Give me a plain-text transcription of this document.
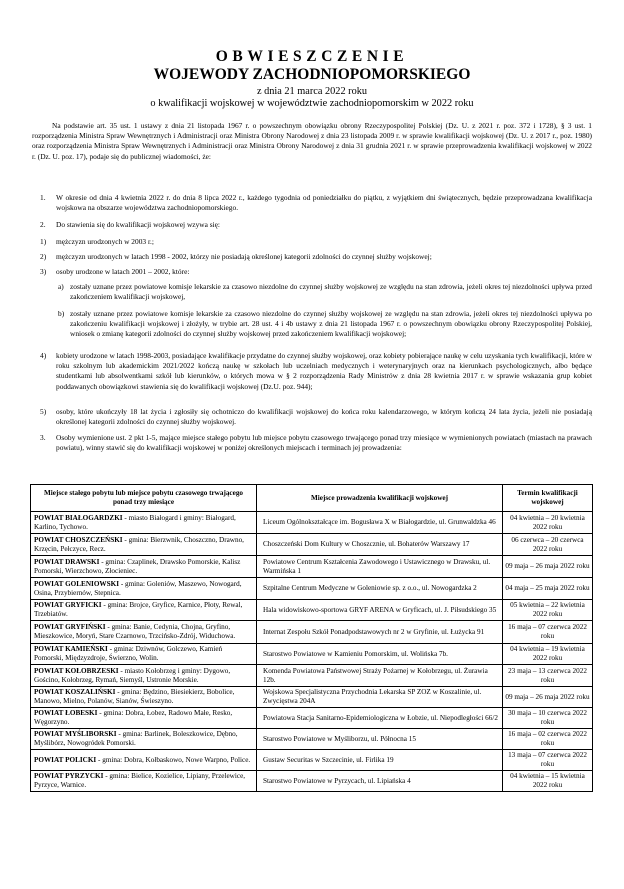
OBWIESZCZENIE
WOJEWODY ZACHODNIOPOMORSKIEGO
z dnia 21 marca 2022 roku
o kwalifikacji wojskowej w województwie zachodniopomorskim w 2022 roku
Na podstawie art. 35 ust. 1 ustawy z dnia 21 listopada 1967 r. o powszechnym obowiązku obrony Rzeczypospolitej Polskiej (Dz. U. z 2021 r. poz. 372 i 1728), § 3 ust. 1 rozporządzenia Ministra Spraw Wewnętrznych i Administracji oraz Ministra Obrony Narodowej z dnia 23 listopada 2009 r. w sprawie kwalifikacji wojskowej (Dz. U. z 2017 r., poz. 1980) oraz rozporządzenia Ministra Spraw Wewnętrznych i Administracji oraz Ministra Obrony Narodowej z dnia 31 grudnia 2021 r. w sprawie przeprowadzenia kwalifikacji wojskowej w 2022 r. (Dz. U. poz. 17), podaje się do publicznej wiadomości, że:
1. W okresie od dnia 4 kwietnia 2022 r. do dnia 8 lipca 2022 r., każdego tygodnia od poniedziałku do piątku, z wyjątkiem dni świątecznych, będzie przeprowadzana kwalifikacja wojskowa na obszarze województwa zachodniopomorskiego.
2. Do stawienia się do kwalifikacji wojskowej wzywa się:
1) mężczyzn urodzonych w 2003 r.;
2) mężczyzn urodzonych w latach 1998 - 2002, którzy nie posiadają określonej kategorii zdolności do czynnej służby wojskowej;
3) osoby urodzone w latach 2001 – 2002, które:
a) zostały uznane przez powiatowe komisje lekarskie za czasowo niezdolne do czynnej służby wojskowej ze względu na stan zdrowia, jeżeli okres tej niezdolności upływa przed zakończeniem kwalifikacji wojskowej,
b) zostały uznane przez powiatowe komisje lekarskie za czasowo niezdolne do czynnej służby wojskowej ze względu na stan zdrowia, jeżeli okres tej niezdolności upływa po zakończeniu kwalifikacji wojskowej i złożyły, w trybie art. 28 ust. 4 i 4b ustawy z dnia 21 listopada 1967 r. o powszechnym obowiązku obrony Rzeczypospolitej Polskiej, wniosek o zmianę kategorii zdolności do czynnej służby wojskowej przed zakończeniem kwalifikacji wojskowej;
4) kobiety urodzone w latach 1998-2003, posiadające kwalifikacje przydatne do czynnej służby wojskowej, oraz kobiety pobierające naukę w celu uzyskania tych kwalifikacji, które w roku szkolnym lub akademickim 2021/2022 kończą naukę w szkołach lub uczelniach medycznych i weterynaryjnych oraz na kierunkach psychologicznych, albo będące studentkami lub absolwentkami szkół lub kierunków, o których mowa w § 2 rozporządzenia Rady Ministrów z dnia 28 kwietnia 2017 r. w sprawie wskazania grup kobiet poddawanych obowiązkowi stawienia się do kwalifikacji wojskowej (Dz.U. poz. 944);
5) osoby, które ukończyły 18 lat życia i zgłosiły się ochotniczo do kwalifikacji wojskowej do końca roku kalendarzowego, w którym kończą 24 lata życia, jeżeli nie posiadają określonej kategorii zdolności do czynnej służby wojskowej.
3. Osoby wymienione ust. 2 pkt 1-5, mające miejsce stałego pobytu lub miejsce pobytu czasowego trwającego ponad trzy miesiące w wymienionych powiatach (miastach na prawach powiatu), winny stawić się do kwalifikacji wojskowej w poniżej określonych miejscach i terminach jej prowadzenia:
Miejsce stałego pobytu lub miejsce pobytu czasowego trwającego ponad trzy miesiące	Miejsce prowadzenia kwalifikacji wojskowej	Termin kwalifikacji wojskowej
POWIAT BIAŁOGARDZKI - miasto Białogard i gminy: Białogard, Karlino, Tychowo.	Liceum Ogólnokształcące im. Bogusława X w Białogardzie, ul. Grunwaldzka 46	04 kwietnia – 20 kwietnia 2022 roku
POWIAT CHOSZCZEŃSKI - gmina: Bierzwnik, Choszczno, Drawno, Krzęcin, Pełczyce, Recz.	Choszczeński Dom Kultury w Choszcznie, ul. Bohaterów Warszawy 17	06 czerwca – 20 czerwca 2022 roku
POWIAT DRAWSKI - gmina: Czaplinek, Drawsko Pomorskie, Kalisz Pomorski, Wierzchowo, Złocieniec.	Powiatowe Centrum Kształcenia Zawodowego i Ustawicznego w Drawsku, ul. Warmińska 1	09 maja – 26 maja 2022 roku
POWIAT GOLENIOWSKI - gmina: Goleniów, Maszewo, Nowogard, Osina, Przybiernów, Stepnica.	Szpitalne Centrum Medyczne w Goleniowie sp. z o.o., ul. Nowogardzka 2	04 maja – 25 maja 2022 roku
POWIAT GRYFICKI - gmina: Brojce, Gryfice, Karnice, Płoty, Rewal, Trzebiatów.	Hala widowiskowo-sportowa GRYF ARENA w Gryficach, ul. J. Piłsudskiego 35	05 kwietnia – 22 kwietnia 2022 roku
POWIAT GRYFIŃSKI - gmina: Banie, Cedynia, Chojna, Gryfino, Mieszkowice, Moryń, Stare Czarnowo, Trzcińsko-Zdrój, Widuchowa.	Internat Zespołu Szkół Ponadpodstawowych nr 2 w Gryfinie, ul. Łużycka 91	16 maja – 07 czerwca 2022 roku
POWIAT KAMIEŃSKI - gmina: Dziwnów, Golczewo, Kamień Pomorski, Międzyzdroje, Świerzno, Wolin.	Starostwo Powiatowe w Kamieniu Pomorskim, ul. Wolińska 7b.	04 kwietnia – 19 kwietnia 2022 roku
POWIAT KOŁOBRZESKI - miasto Kołobrzeg i gminy: Dygowo, Gościno, Kołobrzeg, Rymań, Siemyśl, Ustronie Morskie.	Komenda Powiatowa Państwowej Straży Pożarnej w Kołobrzegu, ul. Żurawia 12b.	23 maja – 13 czerwca 2022 roku
POWIAT KOSZALIŃSKI - gmina: Będzino, Biesiekierz, Bobolice, Manowo, Mielno, Polanów, Sianów, Świeszyno.	Wojskowa Specjalistyczna Przychodnia Lekarska SP ZOZ w Koszalinie, ul. Zwycięstwa 204A	09 maja – 26 maja 2022 roku
POWIAT ŁOBESKI - gmina: Dobra, Łobez, Radowo Małe, Resko, Węgorzyno.	Powiatowa Stacja Sanitarno-Epidemiologiczna w Łobzie, ul. Niepodległości 66/2	30 maja – 10 czerwca 2022 roku
POWIAT MYŚLIBORSKI - gmina: Barlinek, Boleszkowice, Dębno, Myślibórz, Nowogródek Pomorski.	Starostwo Powiatowe w Myśliborzu, ul. Północna 15	16 maja – 02 czerwca 2022 roku
POWIAT POLICKI - gmina: Dobra, Kołbaskowo, Nowe Warpno, Police.	Gustaw Securitas w Szczecinie, ul. Firlika 19	13 maja – 07 czerwca 2022 roku
POWIAT PYRZYCKI - gmina: Bielice, Kozielice, Lipiany, Przelewice, Pyrzyce, Warnice.	Starostwo Powiatowe w Pyrzycach, ul. Lipiańska 4	04 kwietnia – 15 kwietnia 2022 roku
